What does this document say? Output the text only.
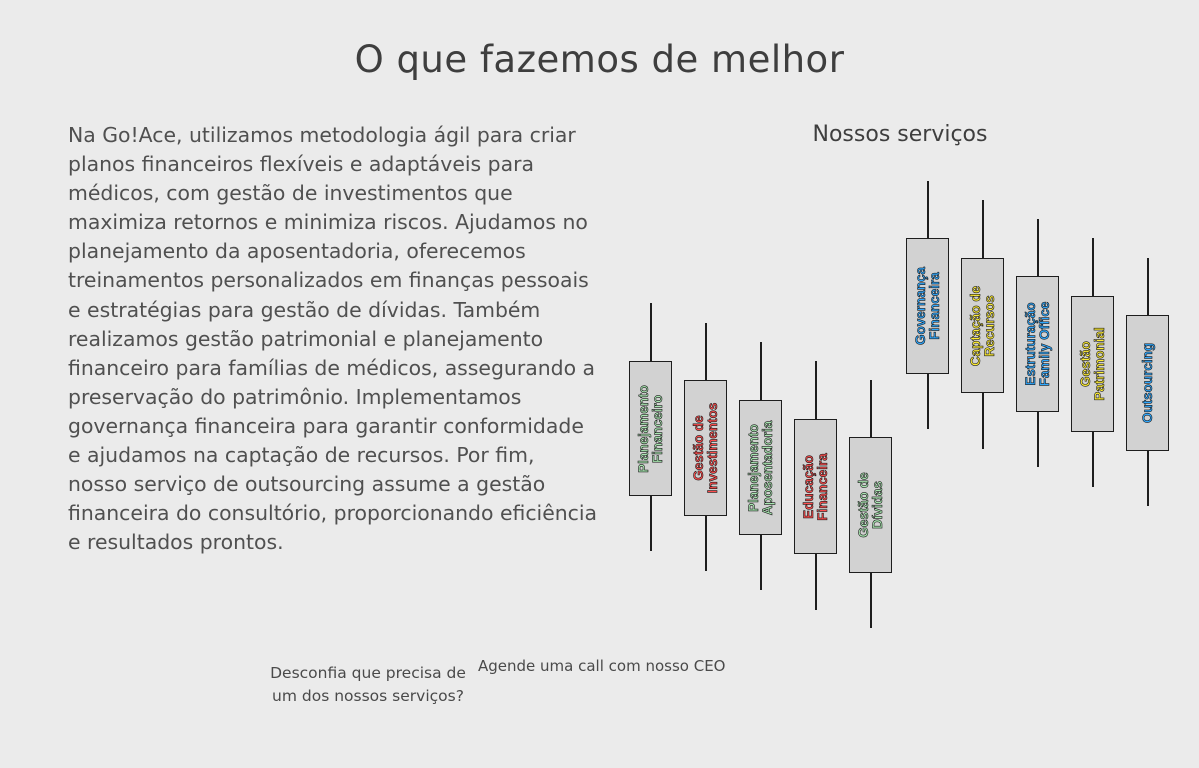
O que fazemos de melhor

Na Go!Ace, utilizamos metodologia ágil para criar planos financeiros flexíveis e adaptáveis para médicos, com gestão de investimentos que maximiza retornos e minimiza riscos. Ajudamos no planejamento da aposentadoria, oferecemos treinamentos personalizados em finanças pessoais e estratégias para gestão de dívidas. Também realizamos gestão patrimonial e planejamento financeiro para famílias de médicos, assegurando a preservação do patrimônio. Implementamos governança financeira para garantir conformidade e ajudamos na captação de recursos. Por fim, nosso serviço de outsourcing assume a gestão financeira do consultório, proporcionando eficiência e resultados prontos.

Nossos serviços
Planejamento Financeiro Gestão de Investimentos Planejamento Aposentadoria Educação Financeira Gestão de Dívidas
Governança Financeira Captação de Recursos Estruturação Family Office Gestão Patrimonial Outsourcing
Desconfia que precisa de um dos nossos serviços?
Agende uma call com nosso CEO
